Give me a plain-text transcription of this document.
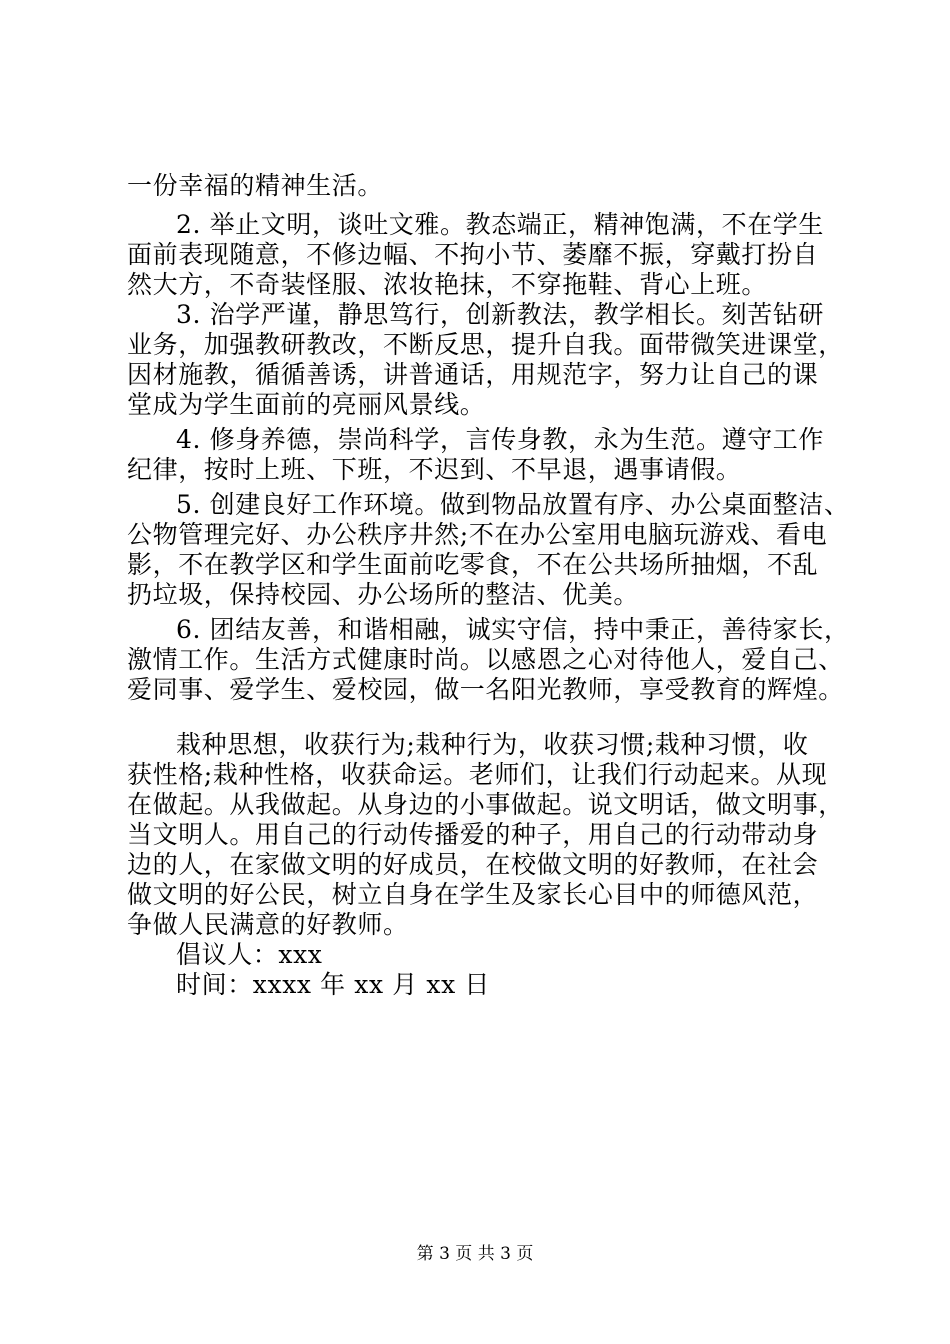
一份幸福的精神生活。
2. 举止文明，谈吐文雅。教态端正，精神饱满，不在学生
面前表现随意，不修边幅、不拘小节、萎靡不振，穿戴打扮自
然大方，不奇装怪服、浓妆艳抹，不穿拖鞋、背心上班。
3. 治学严谨，静思笃行，创新教法，教学相长。刻苦钻研
业务，加强教研教改，不断反思，提升自我。面带微笑进课堂，
因材施教，循循善诱，讲普通话，用规范字，努力让自己的课
堂成为学生面前的亮丽风景线。
4. 修身养德，崇尚科学，言传身教，永为生范。遵守工作
纪律，按时上班、下班，不迟到、不早退，遇事请假。
5. 创建良好工作环境。做到物品放置有序、办公桌面整洁、
公物管理完好、办公秩序井然;不在办公室用电脑玩游戏、看电
影，不在教学区和学生面前吃零食，不在公共场所抽烟，不乱
扔垃圾，保持校园、办公场所的整洁、优美。
6. 团结友善，和谐相融，诚实守信，持中秉正，善待家长，
激情工作。生活方式健康时尚。以感恩之心对待他人，爱自己、
爱同事、爱学生、爱校园，做一名阳光教师，享受教育的辉煌。
栽种思想，收获行为;栽种行为，收获习惯;栽种习惯，收
获性格;栽种性格，收获命运。老师们，让我们行动起来。从现
在做起。从我做起。从身边的小事做起。说文明话，做文明事，
当文明人。用自己的行动传播爱的种子，用自己的行动带动身
边的人，在家做文明的好成员，在校做文明的好教师，在社会
做文明的好公民，树立自身在学生及家长心目中的师德风范，
争做人民满意的好教师。
倡议人：xxx
时间：xxxx 年 xx 月 xx 日
第 3 页 共 3 页
